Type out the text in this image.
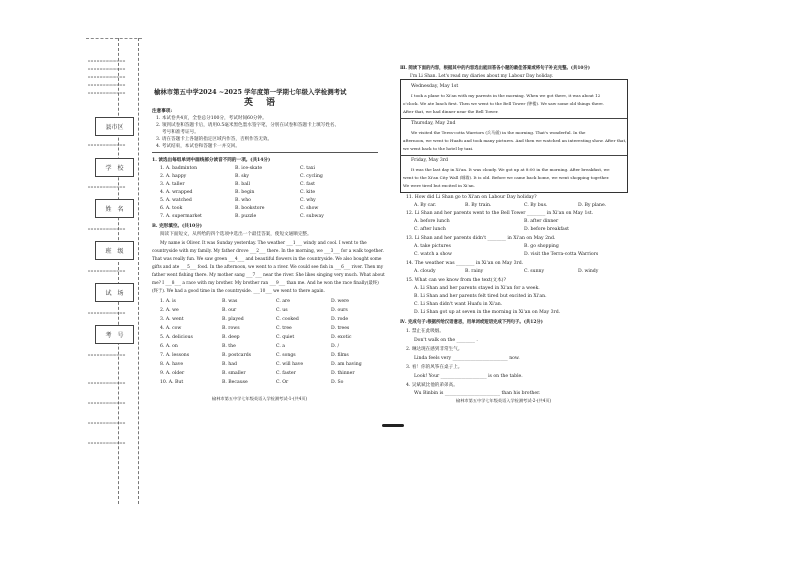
ooooooooooooo
ooooooooooooo
ooooooooooooo
ooooooooooooo
ooooooooooooo
县市区
ooooooooooooo
学　校
ooooooooooooo
姓　名
ooooooooooooo
班　级
ooooooooooooo
试　场
ooooooooooooo
考　号
ooooooooooooo
ooooooooooooo
ooooooooooooo
ooooooooooooo
ooooooooooooo
榆林市第五中学2024 ~2025 学年度第一学期七年级入学检测考试
英　语
注意事项:
1. 本试卷共4页，全卷总分100分，考试时间60分钟。
2. 领到试卷和答题卡后，请用0.5毫米黑色墨水签字笔，分别在试卷和答题卡上填写姓名、
　 考号和准考证号。
3. 请在答题卡上各题的指定区域内作答，否则作答无效。
4. 考试结束，本试卷和答题卡一并交回。
1. 读选出每组单词中画线部分读音不同的一项。(共14分)
1. A. badminton	B. ice-skate	C. taxi
2. A. happy	B. sky	C. cycling
3. A. taller	B. ball	C. fast
4. A. wrapped	B. begin	C. kite
5. A. watched	B. who	C. why
6. A. took	B. bookstore	C. show
7. A. supermarket	B. puzzle	C. subway
B. 完形填空。(共10分)
阅读下面短文，从所给的四个选项中选出一个最佳答案，使短文通顺完整。
My name is Oliver. It was Sunday yesterday. The weather ___1___ windy and cool. I went to the
countryside with my family. My father drove ___2___ there. In the morning, we ___3___ for a walk together.
That was really fun. We saw green ___4___ and beautiful flowers in the countryside. We also bought some
gifts and ate ___5___ food. In the afternoon, we went to a river. We could see fish in ___6___ river. Then my
father went fishing there. My mother sang ___7___ near the river. She likes singing very much. What about
me? I ___8___ a race with my brother. My brother ran ___9___ than me. And he won the race finally(最终)
(终于). We had a good time in the countryside. ___10___ we went to there again.
1. A. is	B. was	C. are	D. were
2. A. we	B. our	C. us	D. ours
3. A. went	B. played	C. cooked	D. rode
4. A. cow	B. rows	C. tree	D. trees
5. A. delicious	B. deep	C. quiet	D. exotic
6. A. on	B. the	C. a	D. /
7. A. lessons	B. postcards	C. songs	D. films
8. A. have	B. had	C. will have	D. am having
9. A. older	B. smaller	C. faster	D. thinner
10. A. But	B. Because	C. Or	D. So
榆林市第五中学七年级英语入学检测考试-1-(共4页)
Ⅲ. 阅读下面的内容，根据其中的内容选出能回答各小题的最佳答案或将句子补充完整。(共10分)
I'm Li Shan. Let's read my diaries about my Labour Day holiday.
Wednesday, May 1st
I took a plane to Xi'an with my parents in the morning. When we got there, it was about 12
o'clock. We ate lunch first. Then we went to the Bell Tower (钟楼). We saw some old things there.
After that, we had dinner near the Bell Tower.
Thursday, May 2nd
We visited the Terra-cotta Warriors (兵马俑) in the morning. That's wonderful. In the
afternoon, we went to Huafu and took many pictures. And then we watched an interesting show. After that,
we went back to the hotel by taxi.
Friday, May 3rd
It was the last day in Xi'an. It was cloudy. We got up at 8:00 in the morning. After breakfast, we
went to the Xi'an City Wall (城墙). It is old. Before we came back home, we went shopping together.
We were tired but excited in Xi'an.
11. How did Li Shan go to Xi'an on Labour Day holiday?
A. By car.	B. By train.	C. By bus.	D. By plane.
12. Li Shan and her parents went to the Bell Tower ________ in Xi'an on May 1st.
A. before lunch	B. after dinner
C. after lunch	D. before breakfast
13. Li Shan and her parents didn't ________ in Xi'an on May 2nd.
A. take pictures	B. go shopping
C. watch a show	D. visit the Terra-cotta Warriors
14. The weather was ________ in Xi'an on May 3rd.
A. cloudy	B. rainy	C. sunny	D. windy
15. What can we know from the text(文本)?
A. Li Shan and her parents stayed in Xi'an for a week.
B. Li Shan and her parents felt tired but excited in Xi'an.
C. Li Shan didn't want Huafu in Xi'an.
D. Li Shan got up at seven in the morning in Xi'an on May 3rd.
Ⅳ. 完成句子:根据所给汉语意思，用单词或短语完成下列句子。(共12分)
1. 禁止在此吸烟。
Don't walk on the ________ .
2. 琳达现在感到非常生气。
Linda feels very ________________________ now.
3. 看！你的风筝在桌子上。
Look! Your ____________________ is on the table.
4. 吴斌斌比他的弟弟高。
Wu Binbin is ________________________ than his brother.
榆林市第五中学七年级英语入学检测考试-2-(共4页)
